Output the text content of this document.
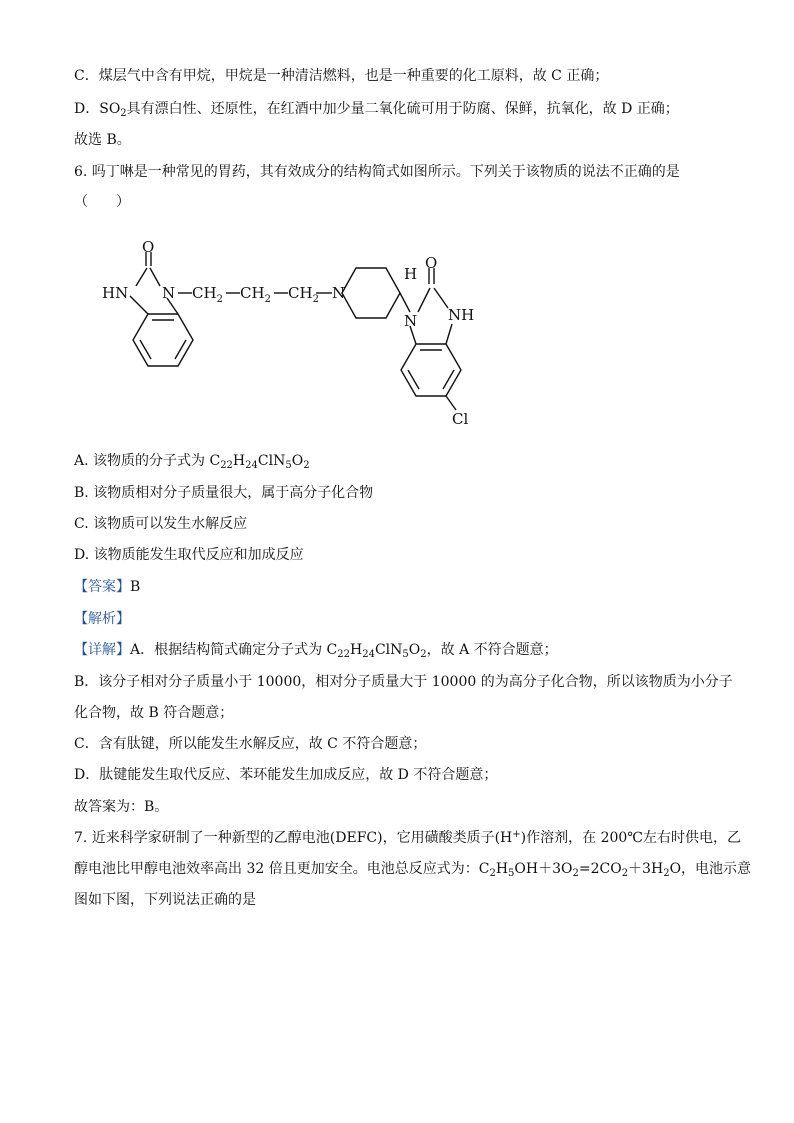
C．煤层气中含有甲烷，甲烷是一种清洁燃料，也是一种重要的化工原料，故 C 正确；
D．$SO_2$具有漂白性、还原性，在红酒中加少量二氧化硫可用于防腐、保鲜，抗氧化，故 D 正确；
故选 B。
6. 吗丁啉是一种常见的胃药，其有效成分的结构简式如图所示。下列关于该物质的说法不正确的是
（　　）
O
HN N $CH_2$ $CH_2$ $CH_2$ N
H
O
N NH
Cl
A. 该物质的分子式为 $C_{22}H_{24}ClN_5O_2$
B. 该物质相对分子质量很大，属于高分子化合物
C. 该物质可以发生水解反应
D. 该物质能发生取代反应和加成反应
【答案】B
【解析】
【详解】A．根据结构简式确定分子式为 $C_{22}H_{24}ClN_5O_2$，故 A 不符合题意；
B．该分子相对分子质量小于 10000，相对分子质量大于 10000 的为高分子化合物，所以该物质为小分子
化合物，故 B 符合题意；
C．含有肽键，所以能发生水解反应，故 C 不符合题意；
D．肽键能发生取代反应、苯环能发生加成反应，故 D 不符合题意；
故答案为：B。
7. 近来科学家研制了一种新型的乙醇电池(DEFC)，它用磺酸类质子(H+)作溶剂，在 200℃左右时供电，乙
醇电池比甲醇电池效率高出 32 倍且更加安全。电池总反应式为：$C_2H_5OH+3O_2=2CO_2+3H_2O$，电池示意
图如下图，下列说法正确的是
